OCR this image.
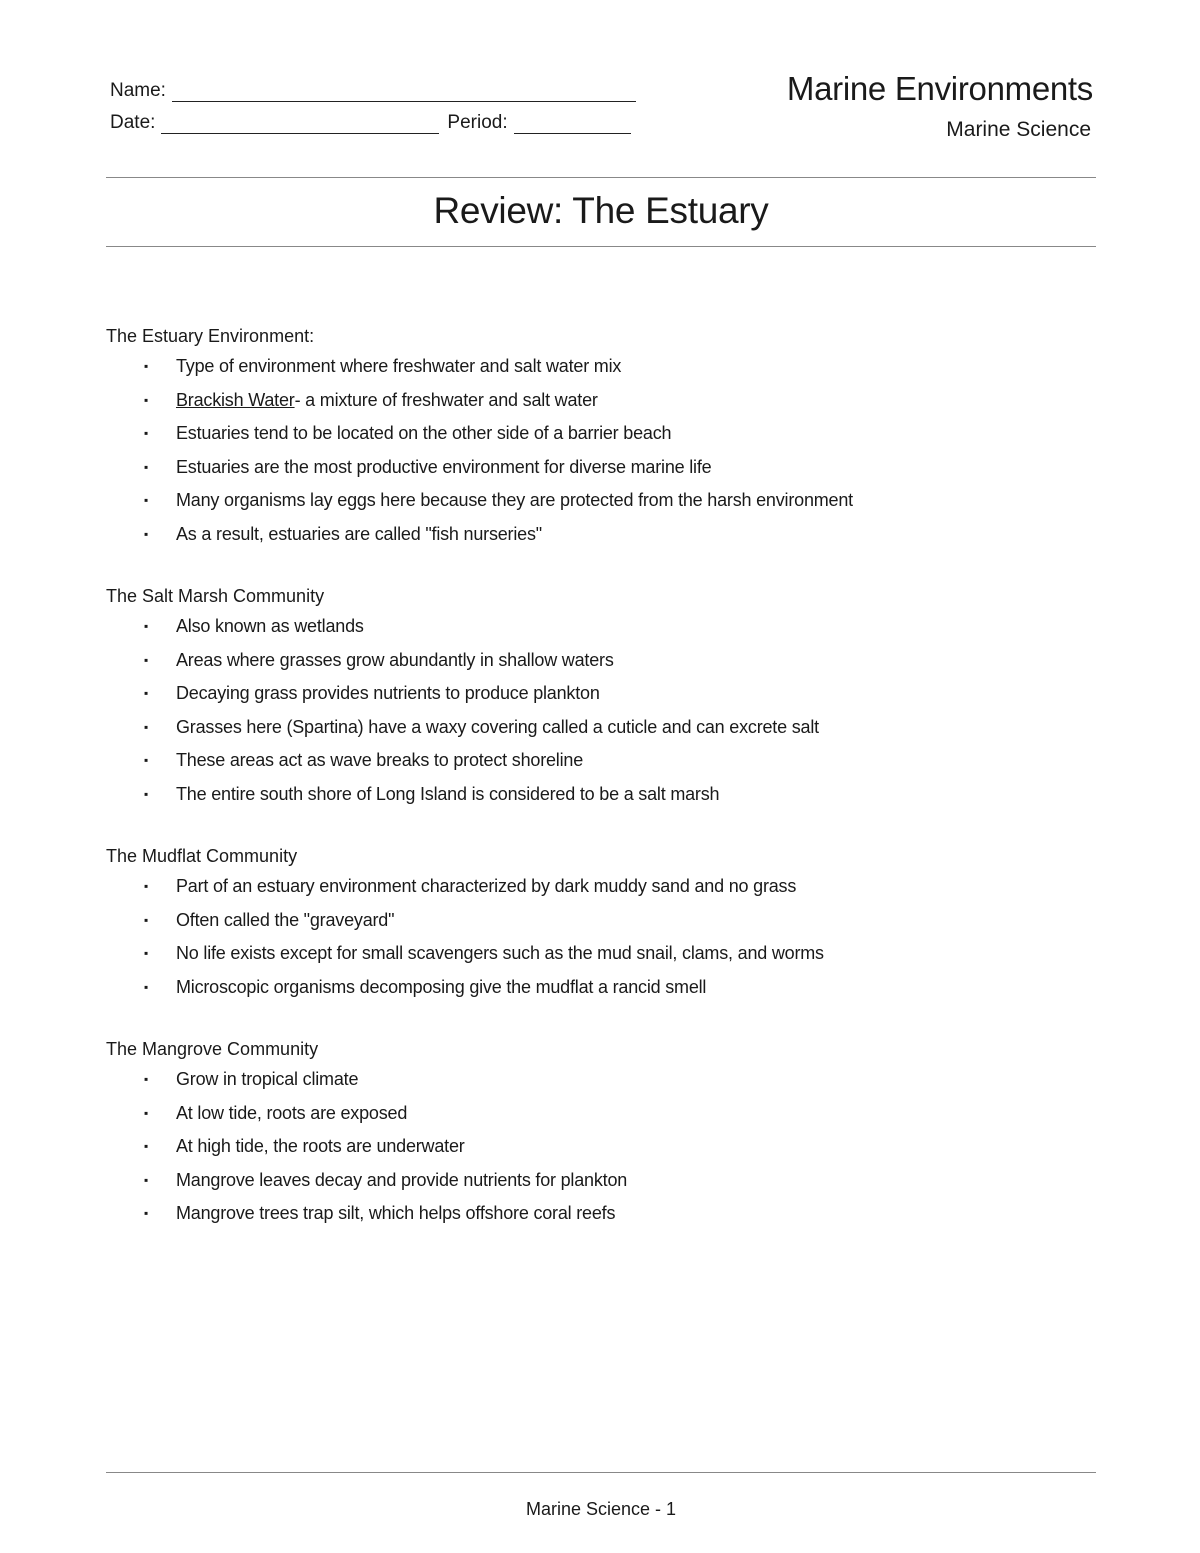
Name:
Date:	Period:
Marine Environments
Marine Science
Review: The Estuary
The Estuary Environment:
▪ Type of environment where freshwater and salt water mix
▪ Brackish Water- a mixture of freshwater and salt water
▪ Estuaries tend to be located on the other side of a barrier beach
▪ Estuaries are the most productive environment for diverse marine life
▪ Many organisms lay eggs here because they are protected from the harsh environment
▪ As a result, estuaries are called "fish nurseries"
The Salt Marsh Community
▪ Also known as wetlands
▪ Areas where grasses grow abundantly in shallow waters
▪ Decaying grass provides nutrients to produce plankton
▪ Grasses here (Spartina) have a waxy covering called a cuticle and can excrete salt
▪ These areas act as wave breaks to protect shoreline
▪ The entire south shore of Long Island is considered to be a salt marsh
The Mudflat Community
▪ Part of an estuary environment characterized by dark muddy sand and no grass
▪ Often called the "graveyard"
▪ No life exists except for small scavengers such as the mud snail, clams, and worms
▪ Microscopic organisms decomposing give the mudflat a rancid smell
The Mangrove Community
▪ Grow in tropical climate
▪ At low tide, roots are exposed
▪ At high tide, the roots are underwater
▪ Mangrove leaves decay and provide nutrients for plankton
▪ Mangrove trees trap silt, which helps offshore coral reefs
Marine Science - 1
